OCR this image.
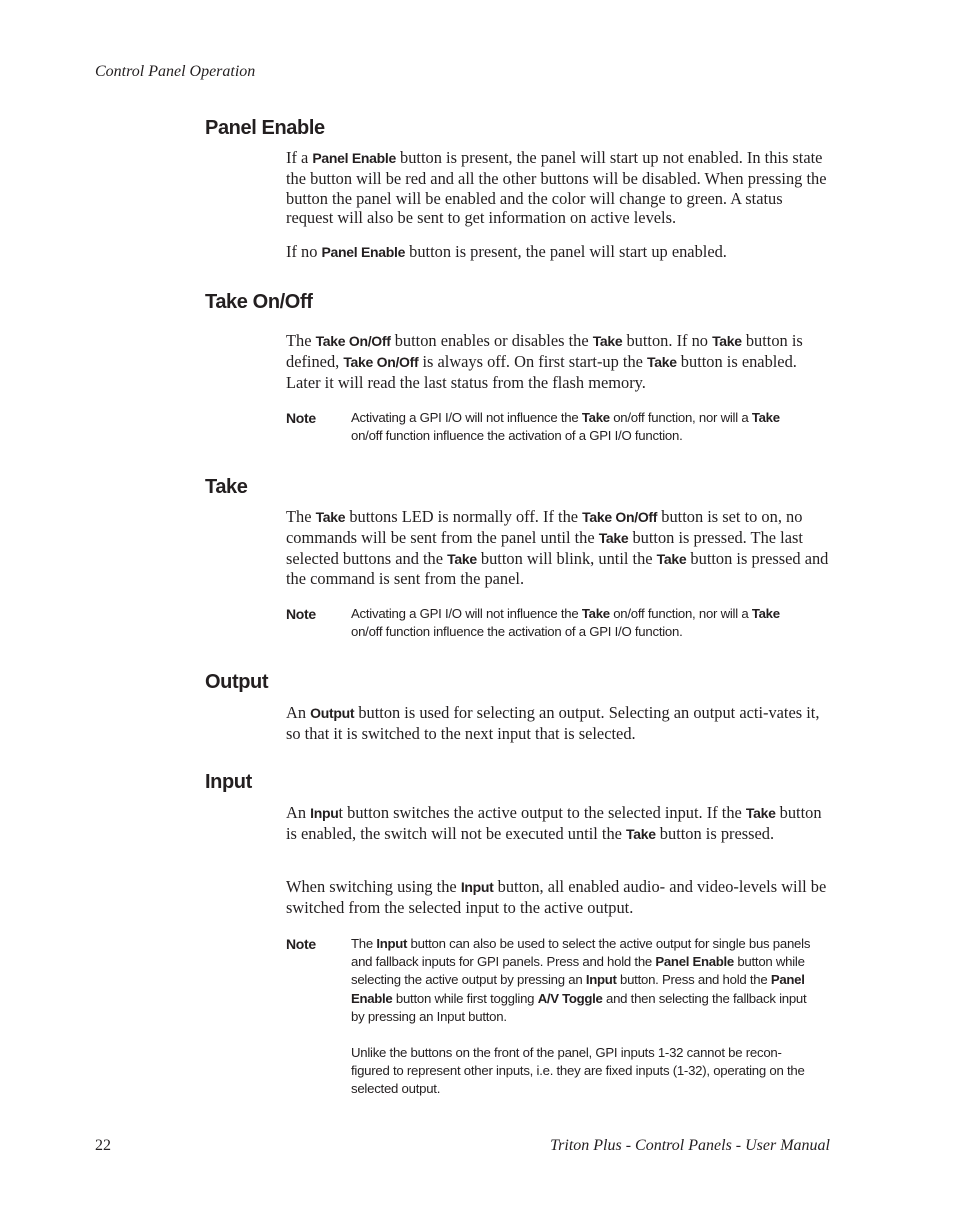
Control Panel Operation
Panel Enable

If a Panel Enable button is present, the panel will start up not enabled. In this state the button will be red and all the other buttons will be disabled. When pressing the button the panel will be enabled and the color will change to green. A status request will also be sent to get information on active levels.

If no Panel Enable button is present, the panel will start up enabled.

Take On/Off

The Take On/Off button enables or disables the Take button. If no Take button is defined, Take On/Off is always off. On first start-up the Take button is enabled. Later it will read the last status from the flash memory.

Note	Activating a GPI I/O will not influence the Take on/off function, nor will a Take on/off function influence the activation of a GPI I/O function.

Take

The Take buttons LED is normally off. If the Take On/Off button is set to on, no commands will be sent from the panel until the Take button is pressed. The last selected buttons and the Take button will blink, until the Take button is pressed and the command is sent from the panel.

Note	Activating a GPI I/O will not influence the Take on/off function, nor will a Take on/off function influence the activation of a GPI I/O function.

Output

An Output button is used for selecting an output. Selecting an output acti-vates it, so that it is switched to the next input that is selected.

Input

An Input button switches the active output to the selected input. If the Take button is enabled, the switch will not be executed until the Take button is pressed.

When switching using the Input button, all enabled audio- and video-levels will be switched from the selected input to the active output.

Note	The Input button can also be used to select the active output for single bus panels and fallback inputs for GPI panels. Press and hold the Panel Enable button while selecting the active output by pressing an Input button. Press and hold the Panel Enable button while first toggling A/V Toggle and then selecting the fallback input by pressing an Input button.

Unlike the buttons on the front of the panel, GPI inputs 1-32 cannot be recon-figured to represent other inputs, i.e. they are fixed inputs (1-32), operating on the selected output.

22	Triton Plus - Control Panels - User Manual
